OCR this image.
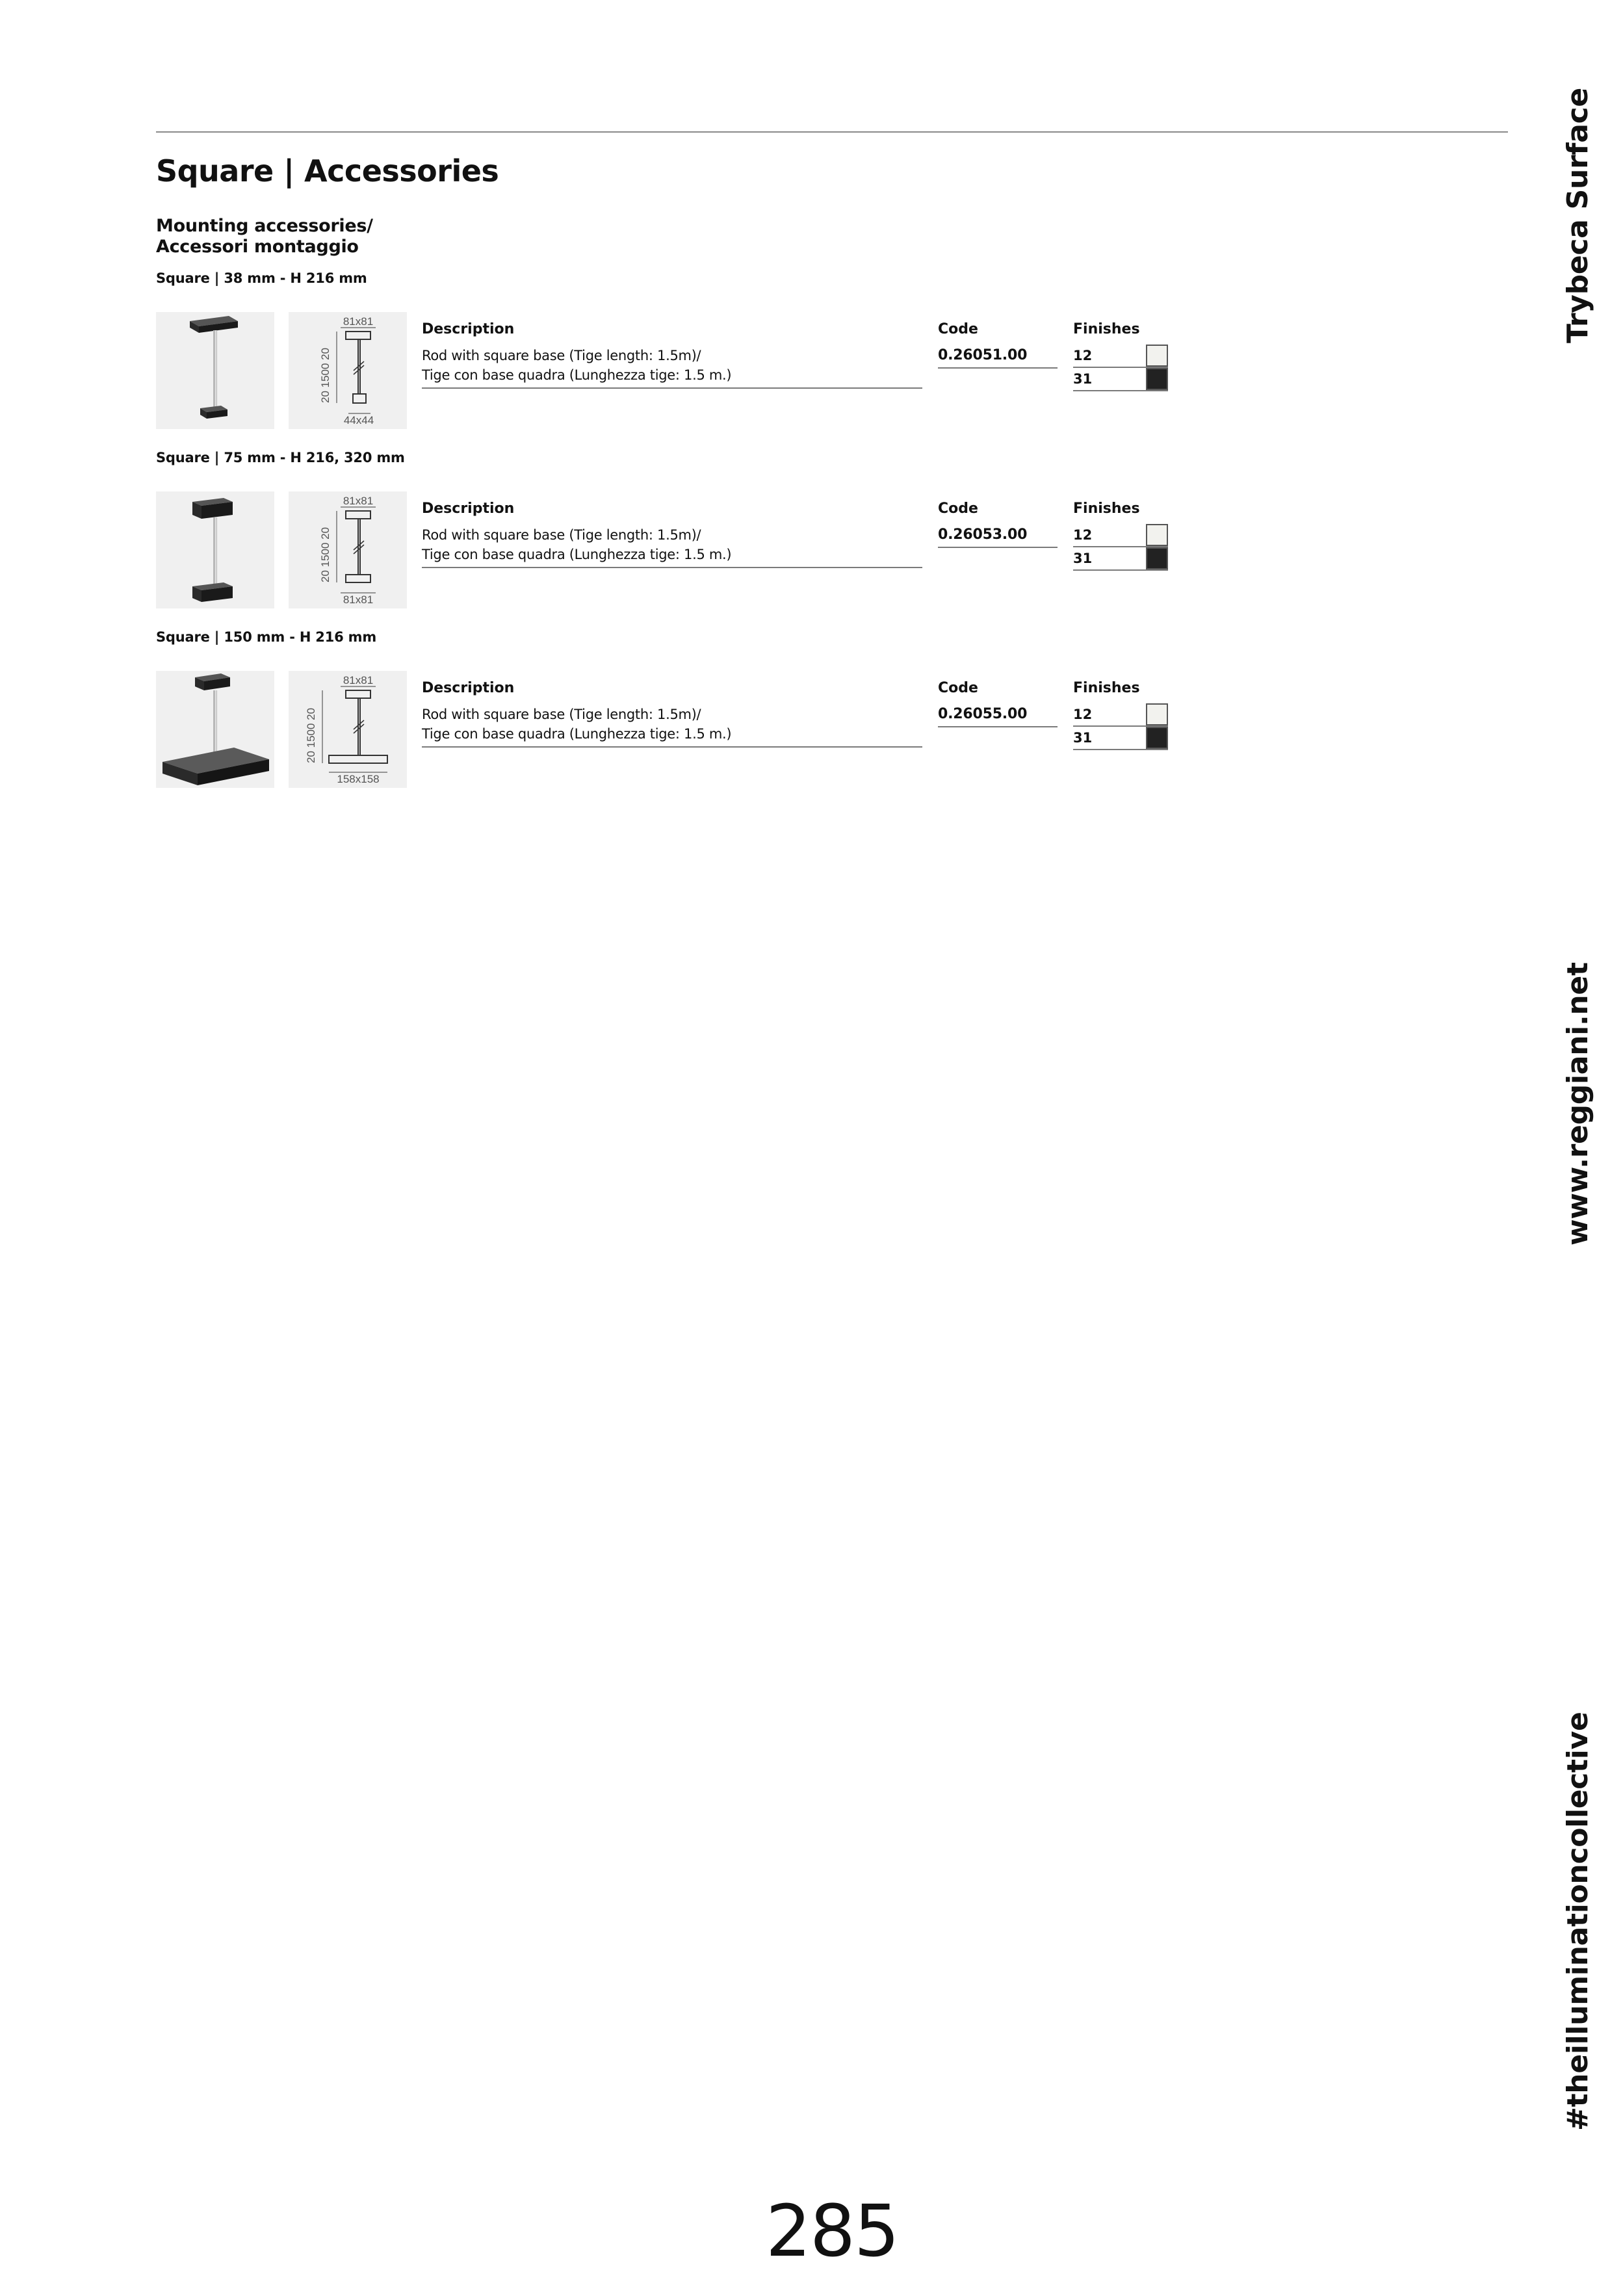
Square | Accessories
Mounting accessories/
Accessori montaggio
Square | 38 mm - H 216 mm
81x81
20 1500 20
44x44
Description	Code	Finishes
Rod with square base (Tige length: 1.5m)/
Tige con base quadra (Lunghezza tige: 1.5 m.)
0.26051.00	12
31
Square | 75 mm - H 216, 320 mm
81x81
20 1500 20
81x81
Description	Code	Finishes
Rod with square base (Tige length: 1.5m)/
Tige con base quadra (Lunghezza tige: 1.5 m.)
0.26053.00	12
31
Square | 150 mm - H 216 mm
81x81
20 1500 20
158x158
Description	Code	Finishes
Rod with square base (Tige length: 1.5m)/
Tige con base quadra (Lunghezza tige: 1.5 m.)
0.26055.00	12
31
Trybeca Surface
www.reggiani.net
#theilluminationcollective
285
